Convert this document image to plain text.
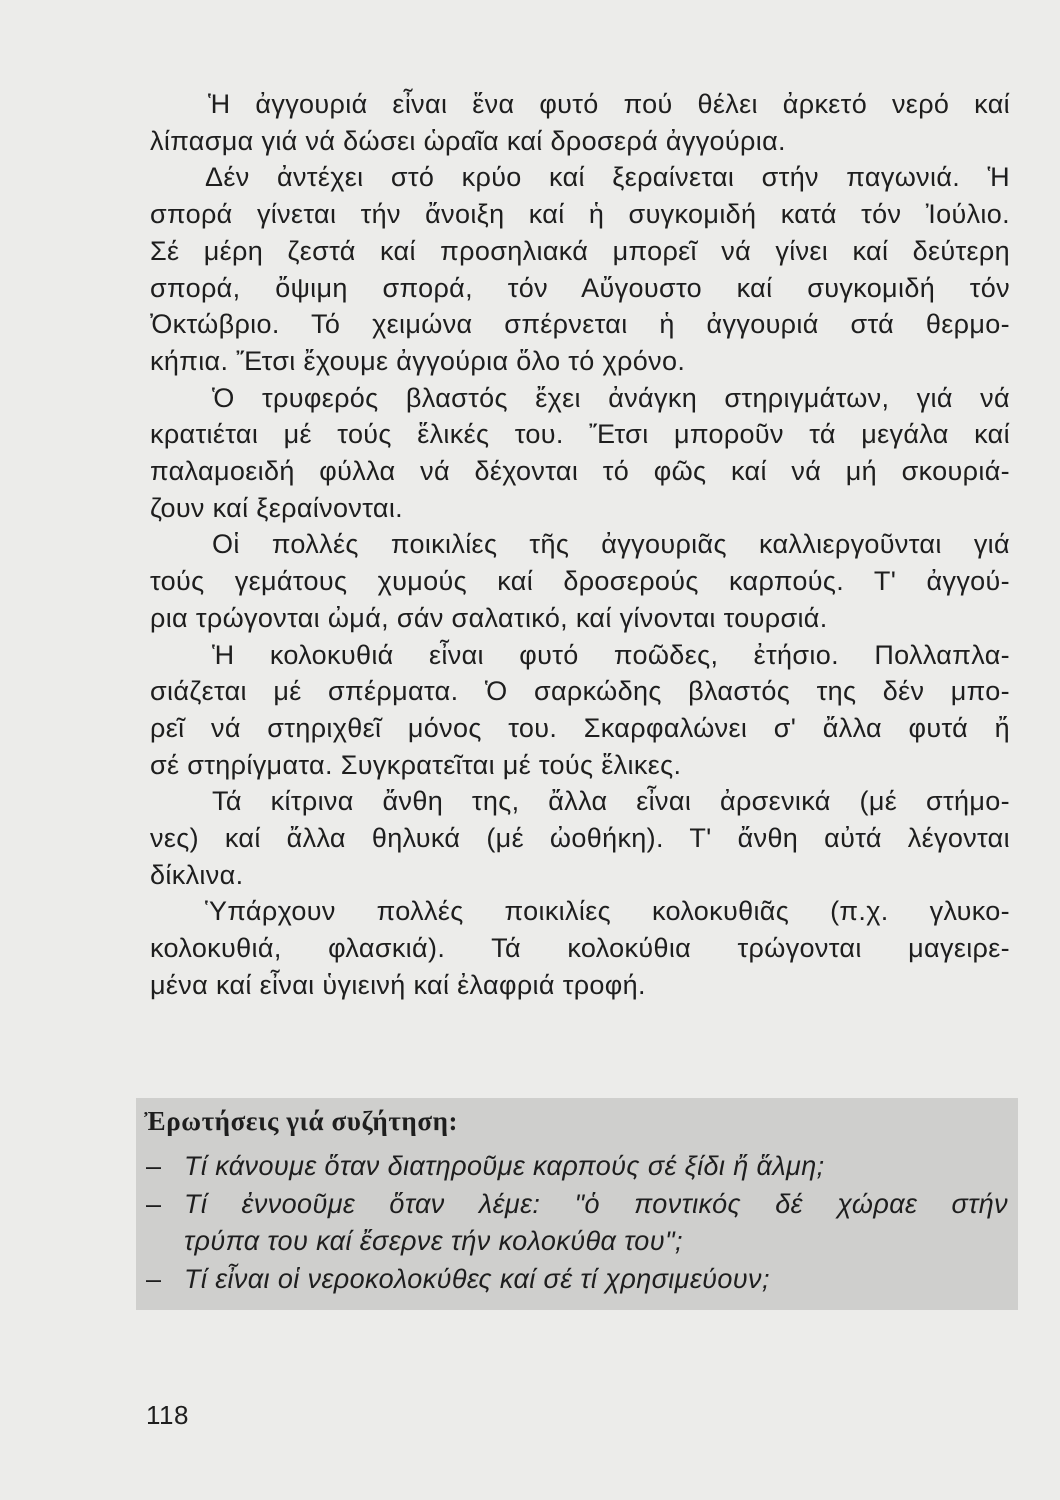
Ἡ ἀγγουριά εἶναι ἕνα φυτό πού θέλει ἀρκετό νερό καί
λίπασμα γιά νά δώσει ὡραῖα καί δροσερά ἀγγούρια.

Δέν ἀντέχει στό κρύο καί ξεραίνεται στήν παγωνιά. Ἡ
σπορά γίνεται τήν ἄνοιξη καί ἡ συγκομιδή κατά τόν Ἰούλιο.
Σέ μέρη ζεστά καί προσηλιακά μπορεῖ νά γίνει καί δεύτερη
σπορά, ὄψιμη σπορά, τόν Αὔγουστο καί συγκομιδή τόν
Ὀκτώβριο. Τό χειμώνα σπέρνεται ἡ ἀγγουριά στά θερμο-
κήπια. Ἔτσι ἔχουμε ἀγγούρια ὅλο τό χρόνο.

Ὁ τρυφερός βλαστός ἔχει ἀνάγκη στηριγμάτων, γιά νά
κρατιέται μέ τούς ἕλικές του. Ἔτσι μποροῦν τά μεγάλα καί
παλαμοειδή φύλλα νά δέχονται τό φῶς καί νά μή σκουριά-
ζουν καί ξεραίνονται.

Οἱ πολλές ποικιλίες τῆς ἀγγουριᾶς καλλιεργοῦνται γιά
τούς γεμάτους χυμούς καί δροσερούς καρπούς. Τ' ἀγγού-
ρια τρώγονται ὠμά, σάν σαλατικό, καί γίνονται τουρσιά.

Ἡ κολοκυθιά εἶναι φυτό ποῶδες, ἐτήσιο. Πολλαπλα-
σιάζεται μέ σπέρματα. Ὁ σαρκώδης βλαστός της δέν μπο-
ρεῖ νά στηριχθεῖ μόνος του. Σκαρφαλώνει σ' ἄλλα φυτά ἤ
σέ στηρίγματα. Συγκρατεῖται μέ τούς ἕλικες.

Τά κίτρινα ἄνθη της, ἄλλα εἶναι ἀρσενικά (μέ στήμο-
νες) καί ἄλλα θηλυκά (μέ ὠοθήκη). Τ' ἄνθη αὐτά λέγονται
δίκλινα.

Ὑπάρχουν πολλές ποικιλίες κολοκυθιᾶς (π.χ. γλυκο-
κολοκυθιά, φλασκιά). Τά κολοκύθια τρώγονται μαγειρε-
μένα καί εἶναι ὑγιεινή καί ἐλαφριά τροφή.

Ἐρωτήσεις γιά συζήτηση:
– Τί κάνουμε ὅταν διατηροῦμε καρπούς σέ ξίδι ἤ ἅλμη;
– Τί ἐννοοῦμε ὅταν λέμε: "ὁ ποντικός δέ χώραε στήν
τρύπα του καί ἔσερνε τήν κολοκύθα του";
– Τί εἶναι οἱ νεροκολοκύθες καί σέ τί χρησιμεύουν;
118
